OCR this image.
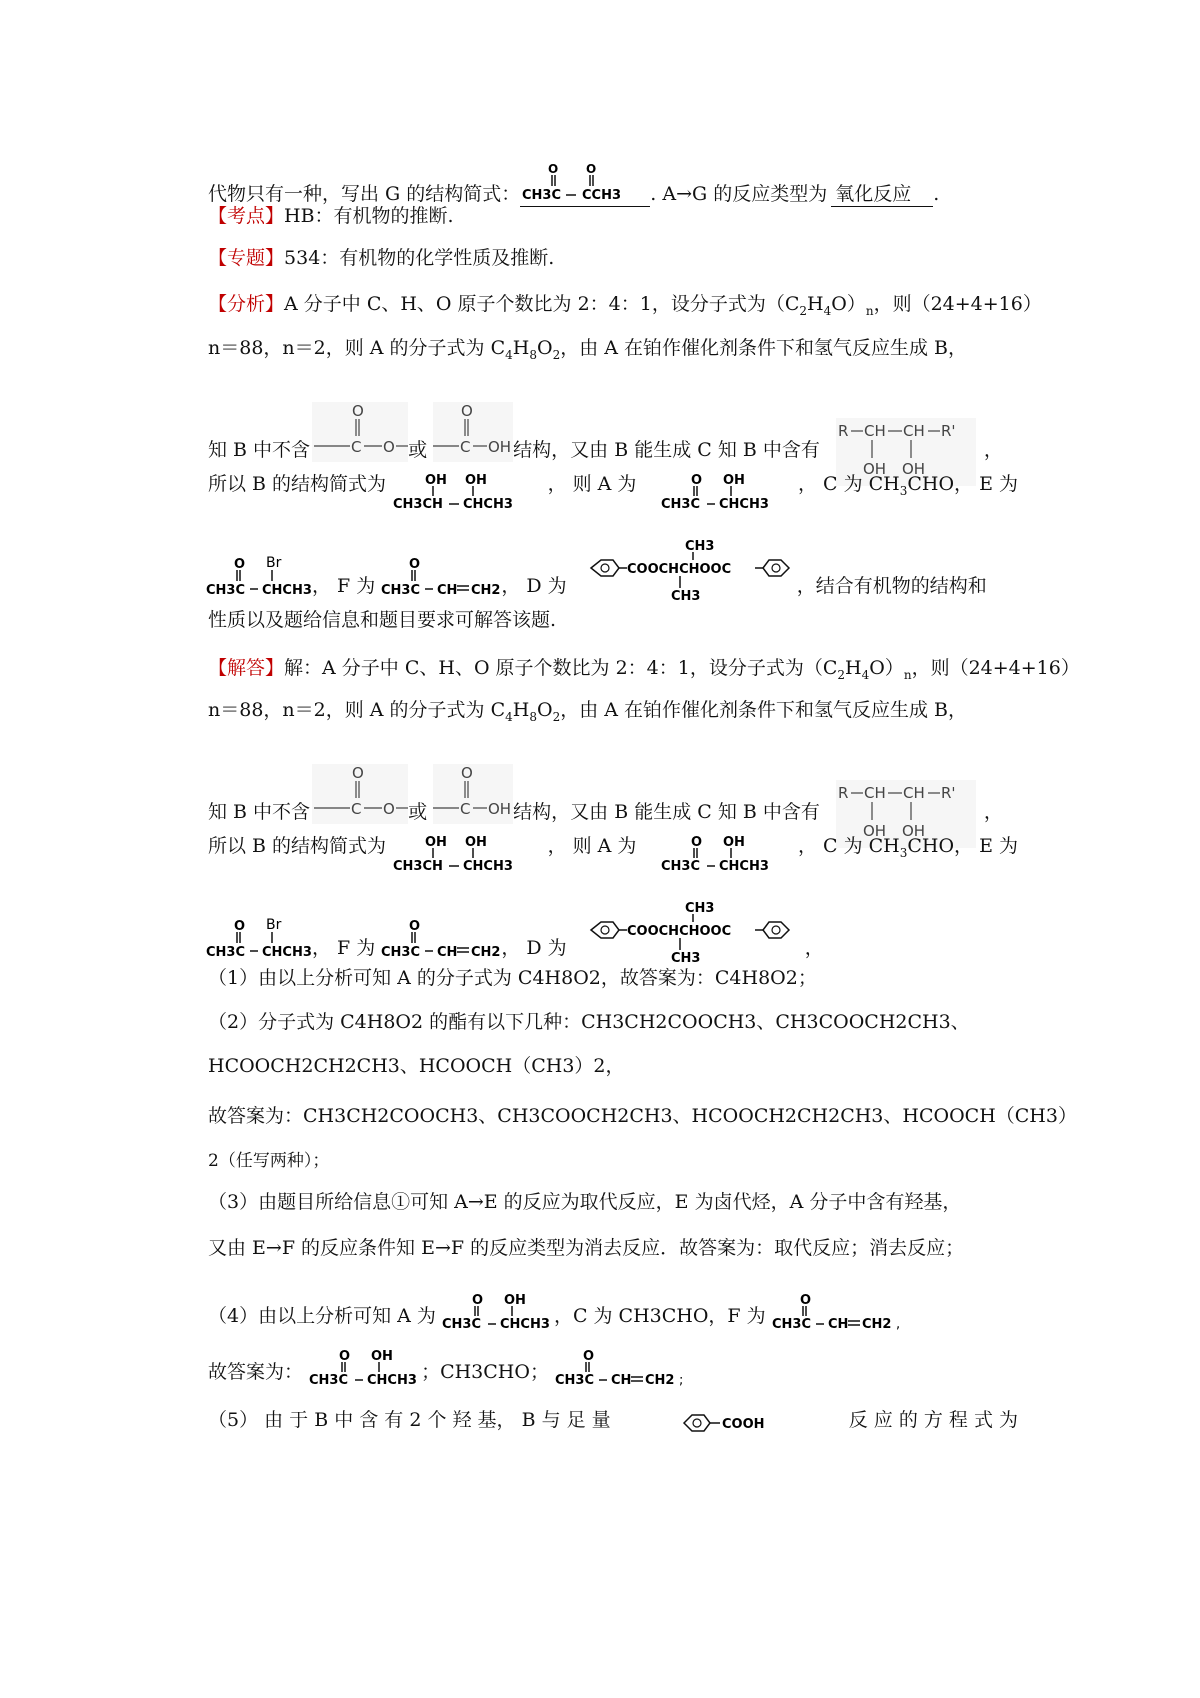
代物只有一种，写出 G 的结构简式：
O O
CH3C CCH3 . A→G 的反应类型为 氧化反应 .
【考点】HB：有机物的推断.
【专题】534：有机物的化学性质及推断.
【分析】A 分子中 C、H、O 原子个数比为 2：4：1，设分子式为$(C_2H_4O)_n$，则（24+4+16）
n＝88，n＝2，则 A 的分子式为 $C_4H_8O_2$，由 A 在铂作催化剂条件下和氢气反应生成 B，
知 B 中不含
O
C O 或
O
C OH 结构，又由 B 能生成 C 知 B 中含有
R CH CH R'
OH OH
，
所以 B 的结构简式为	OH OH
CH3CH CHCH3
， 则 A 为	O OH
CH3C CHCH3
， C 为 $CH_3CHO$， E 为
O Br
CH3C CHCH3 ， F 为
O
CH3C CH CH2 ， D 为
COOCHCHOOC
CH3
CH3	，结合有机物的结构和
性质以及题给信息和题目要求可解答该题.
【解答】解：A 分子中 C、H、O 原子个数比为 2：4：1，设分子式为$(C_2H_4O)_n$，则（24+4+16）
n＝88，n＝2，则 A 的分子式为 $C_4H_8O_2$，由 A 在铂作催化剂条件下和氢气反应生成 B，
知 B 中不含
O
C O 或
O
C OH 结构，又由 B 能生成 C 知 B 中含有
R CH CH R'
OH OH
，
所以 B 的结构简式为	OH OH
CH3CH CHCH3
， 则 A 为	O OH
CH3C CHCH3
， C 为 $CH_3CHO$， E 为
O Br
CH3C CHCH3 ， F 为
O
CH3C CH CH2 ， D 为
COOCHCHOOC
CH3
CH3	，
（1）由以上分析可知 A 的分子式为 C4H8O2，故答案为：C4H8O2；
（2）分子式为 C4H8O2 的酯有以下几种：CH3CH2COOCH3、CH3COOCH2CH3、
HCOOCH2CH2CH3、HCOOCH（CH3）2，
故答案为：CH3CH2COOCH3、CH3COOCH2CH3、HCOOCH2CH2CH3、HCOOCH（CH3）
2（任写两种）；
（3）由题目所给信息①可知 A→E 的反应为取代反应，E 为卤代烃，A 分子中含有羟基，
又由 E→F 的反应条件知 E→F 的反应类型为消去反应．故答案为：取代反应；消去反应；
（4）由以上分析可知 A 为
O OH
CH3C CHCH3 ，C 为 CH3CHO，F 为
O
CH3C CH CH2 ,
故答案为：
O OH
CH3C CHCH3 ；CH3CHO；
O
CH3C CH CH2 ;
（5） 由 于 B 中 含 有 2 个 羟 基， B 与 足 量	COOH	反 应 的 方 程 式 为
